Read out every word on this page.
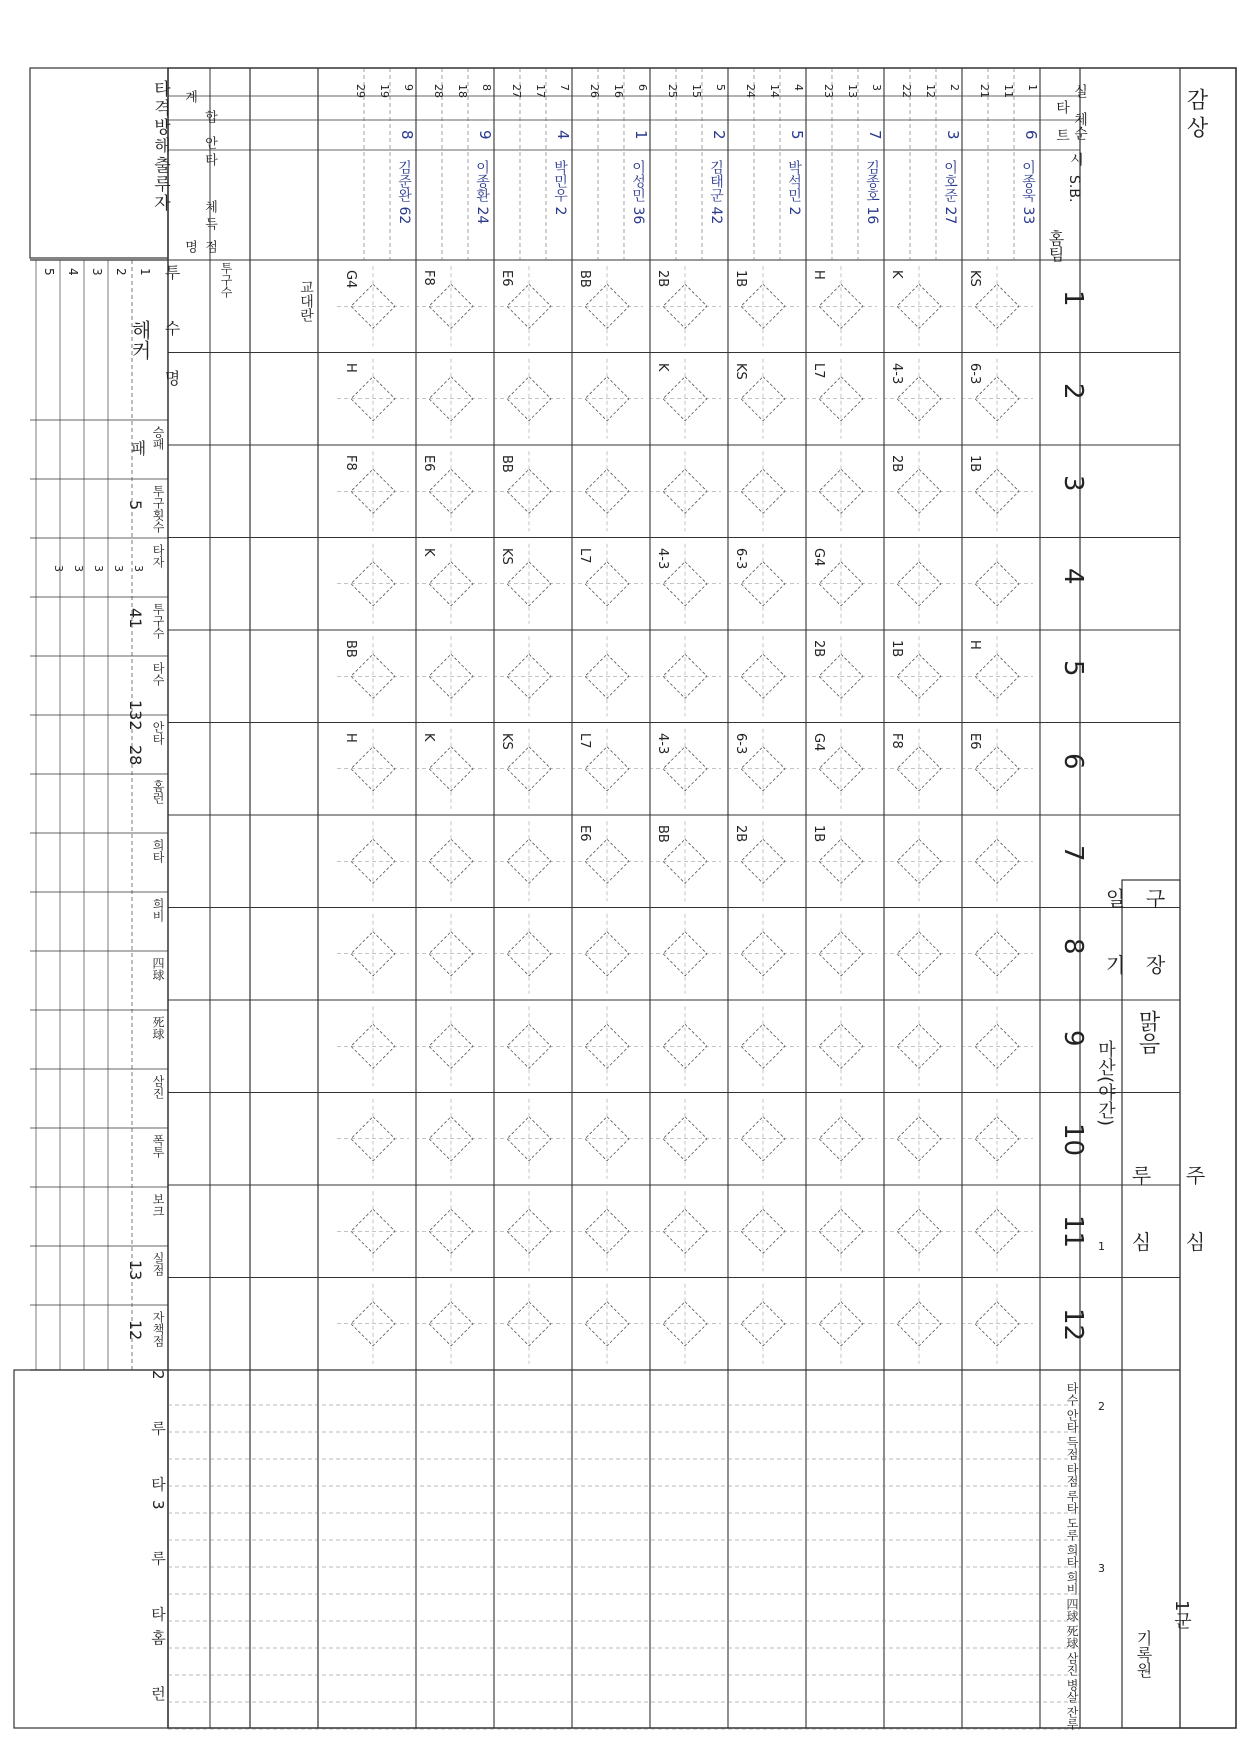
감
상
구 장
일 기
주 심
루 심
1
2
3
맑음
마산(야간)
1군
기록원
실
체순
타
트
시
S.B.
홈팀
교대란
타격방해출루자
2 루 타
3 루 타
홈 런
투
수
명
해커
패
5
41
132
28
13
12
1
2
3
4
5
6
7
8
9
10
11
12
1
11
21
6
이종욱 33
2
12
22
3
이호준 27
3
13
23
7
김종호 16
4
14
24
5
박석민 2
5
15
25
2
김태군 42
6
16
26
1
이성민 36
7
17
27
4
박민우 2
8
18
28
9
이종환 24
9
19
29
8
김준완 62
타수
안타
득점
타점
루타
도루
희타
희비
四球
死球
삼진
병살
잔루
합
안 타
체 득
점
계
명
투구수
승패
투구횟수
타자
투구수
타수
안타
홈런
희타
희비
四球
死球
삼진
폭투
보크
실점
자책점
1
2
3
4
5
3
3
3
3
3
KS
K
H
1B
2B
BB
E6
F8
G4
6-3
4-3
L7
KS
K
H
1B
2B
BB
E6
F8
G4
6-3
4-3
L7
KS
K
H
1B
2B
BB
E6
F8
G4
6-3
4-3
L7
KS
K
H
1B
2B
BB
E6
